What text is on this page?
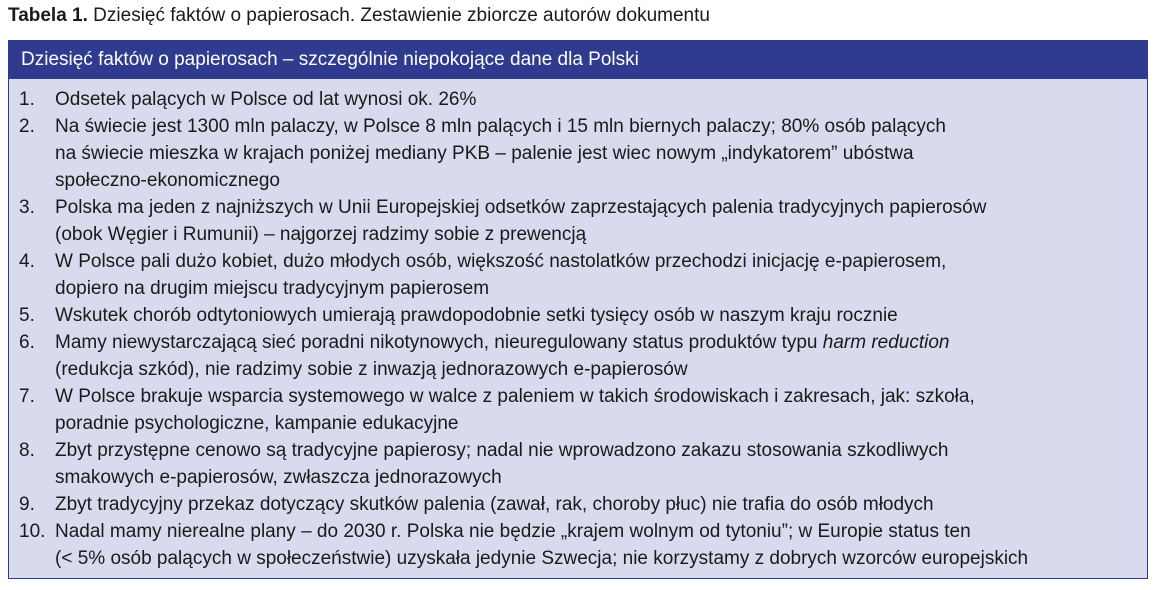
Tabela 1. Dziesięć faktów o papierosach. Zestawienie zbiorcze autorów dokumentu
Dziesięć faktów o papierosach – szczególnie niepokojące dane dla Polski
1. Odsetek palących w Polsce od lat wynosi ok. 26%
2. Na świecie jest 1300 mln palaczy, w Polsce 8 mln palących i 15 mln biernych palaczy; 80% osób palących
na świecie mieszka w krajach poniżej mediany PKB – palenie jest wiec nowym „indykatorem” ubóstwa
społeczno-ekonomicznego
3. Polska ma jeden z najniższych w Unii Europejskiej odsetków zaprzestających palenia tradycyjnych papierosów
(obok Węgier i Rumunii) – najgorzej radzimy sobie z prewencją
4. W Polsce pali dużo kobiet, dużo młodych osób, większość nastolatków przechodzi inicjację e-papierosem,
dopiero na drugim miejscu tradycyjnym papierosem
5. Wskutek chorób odtytoniowych umierają prawdopodobnie setki tysięcy osób w naszym kraju rocznie
6. Mamy niewystarczającą sieć poradni nikotynowych, nieuregulowany status produktów typu harm reduction
(redukcja szkód), nie radzimy sobie z inwazją jednorazowych e-papierosów
7. W Polsce brakuje wsparcia systemowego w walce z paleniem w takich środowiskach i zakresach, jak: szkoła,
poradnie psychologiczne, kampanie edukacyjne
8. Zbyt przystępne cenowo są tradycyjne papierosy; nadal nie wprowadzono zakazu stosowania szkodliwych
smakowych e-papierosów, zwłaszcza jednorazowych
9. Zbyt tradycyjny przekaz dotyczący skutków palenia (zawał, rak, choroby płuc) nie trafia do osób młodych
10. Nadal mamy nierealne plany – do 2030 r. Polska nie będzie „krajem wolnym od tytoniu”; w Europie status ten
(< 5% osób palących w społeczeństwie) uzyskała jedynie Szwecja; nie korzystamy z dobrych wzorców europejskich
